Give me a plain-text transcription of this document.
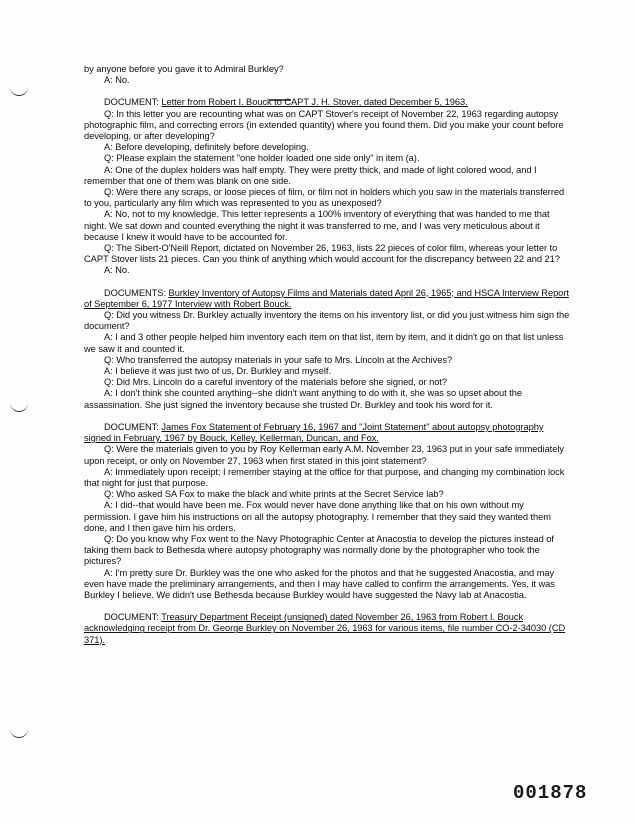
by anyone before you gave it to Admiral Burkley?

A: No.

DOCUMENT: Letter from Robert I. Bouck to CAPT J. H. Stover, dated December 5, 1963.

Q: In this letter you are recounting what was on CAPT Stover's receipt of November 22, 1963 regarding autopsy photographic film, and correcting errors (in extended quantity) where you found them. Did you make your count before developing, or after developing?

A: Before developing, definitely before developing.

Q: Please explain the statement "one holder loaded one side only" in item (a).

A: One of the duplex holders was half empty. They were pretty thick, and made of light colored wood, and I remember that one of them was blank on one side.

Q: Were there any scraps, or loose pieces of film, or film not in holders which you saw in the materials transferred to you, particularly any film which was represented to you as unexposed?

A: No, not to my knowledge. This letter represents a 100% inventory of everything that was handed to me that night. We sat down and counted everything the night it was transferred to me, and I was very meticulous about it because I knew it would have to be accounted for.

Q: The Sibert-O'Neill Report, dictated on November 26, 1963, lists 22 pieces of color film, whereas your letter to CAPT Stover lists 21 pieces. Can you think of anything which would account for the discrepancy between 22 and 21?

A: No.

DOCUMENTS: Burkley Inventory of Autopsy Films and Materials dated April 26, 1965; and HSCA Interview Report of September 6, 1977 Interview with Robert Bouck.

Q: Did you witness Dr. Burkley actually inventory the items on his inventory list, or did you just witness him sign the document?

A: I and 3 other people helped him inventory each item on that list, item by item, and it didn't go on that list unless we saw it and counted it.

Q: Who transferred the autopsy materials in your safe to Mrs. Lincoln at the Archives?

A: I believe it was just two of us, Dr. Burkley and myself.

Q: Did Mrs. Lincoln do a careful inventory of the materials before she signed, or not?

A: I don't think she counted anything--she didn't want anything to do with it, she was so upset about the assassination. She just signed the inventory because she trusted Dr. Burkley and took his word for it.

DOCUMENT: James Fox Statement of February 16, 1967 and "Joint Statement" about autopsy photography signed in February, 1967 by Bouck, Kelley, Kellerman, Duncan, and Fox.

Q: Were the materials given to you by Roy Kellerman early A.M. November 23, 1963 put in your safe immediately upon receipt, or only on November 27, 1963 when first stated in this joint statement?

A: Immediately upon receipt; I remember staying at the office for that purpose, and changing my combination lock that night for just that purpose.

Q: Who asked SA Fox to make the black and white prints at the Secret Service lab?

A: I did--that would have been me. Fox would never have done anything like that on his own without my permission. I gave him his instructions on all the autopsy photography. I remember that they said they wanted them done, and I then gave him his orders.

Q: Do you know why Fox went to the Navy Photographic Center at Anacostia to develop the pictures instead of taking them back to Bethesda where autopsy photography was normally done by the photographer who took the pictures?

A: I'm pretty sure Dr. Burkley was the one who asked for the photos and that he suggested Anacostia, and may even have made the preliminary arrangements, and then I may have called to confirm the arrangements. Yes, it was Burkley I believe. We didn't use Bethesda because Burkley would have suggested the Navy lab at Anacostia.

DOCUMENT: Treasury Department Receipt (unsigned) dated November 26, 1963 from Robert I. Bouck acknowledging receipt from Dr. George Burkley on November 26, 1963 for various items, file number CO-2-34030 (CD 371).

001878
